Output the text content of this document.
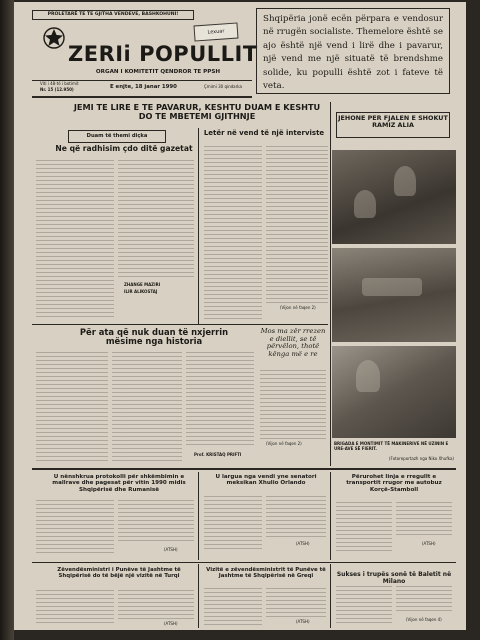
PROLETARË TE TE GJITHA VENDEVE, BASHKOHUNI!
ZERIi POPULLIT
Lexuar
ORGAN I KOMITETIT QENDROR TE PPSH
Viti i 48-të i botimit
Nr. 15 (12.950)	E enjte, 18 janar 1990	Çmimi 30 qindarka
Shqipëria jonë ecën përpara e vendosur në rrugën socialiste. Themelore është se ajo është një vend i lirë dhe i pavarur, një vend me një situatë të brendshme solide, ku populli është zot i fateve të veta.
JEMI TE LIRE E TE PAVARUR, KESHTU DUAM E KESHTU DO TE MBETEMI GJITHNJE
Duam të themi diçka
Ne që radhisim çdo ditë gazetat
ZHANGE MAZIRI
ILIR ALIKOSTAJ
Letër në vend të një interviste
(Vijon në faqen 2)
JEHONE PER FJALEN E SHOKUT RAMIZ ALIA
BRIGADA E MONTIMIT TË MAKINERIVE NË UZININ E URE-AVE SË FIERIT.
(Fotoreportazh nga Niko Xhufka)
Për ata që nuk duan të nxjerrin mësime nga historia
Prof. KRISTAQ PRIFTI
Mos ma zër rrezen e diellit, se të përvëlon, thotë kënga më e re
(Vijon në faqen 2)
U nënshkrua protokolli për shkëmbimin e mallrave dhe pagesat për vitin 1990 midis Shqipërisë dhe Rumanisë
(ATSH)
U largua nga vendi yne senatori meksikan Xhulio Orlando
(ATSH)
Përurohet linja e rregullt e transportit rrugor me autobuz Korçë-Stamboll
(ATSH)
Zëvendësministri i Punëve të Jashtme të Shqipërisë do të bëjë një vizitë në Turqi
(ATSH)
Vizitë e zëvendësministrit të Punëve të Jashtme të Shqipërisë në Greqi
(ATSH)
Sukses i trupës sonë të Baletit në Milano
(Vijon në faqen 4)
